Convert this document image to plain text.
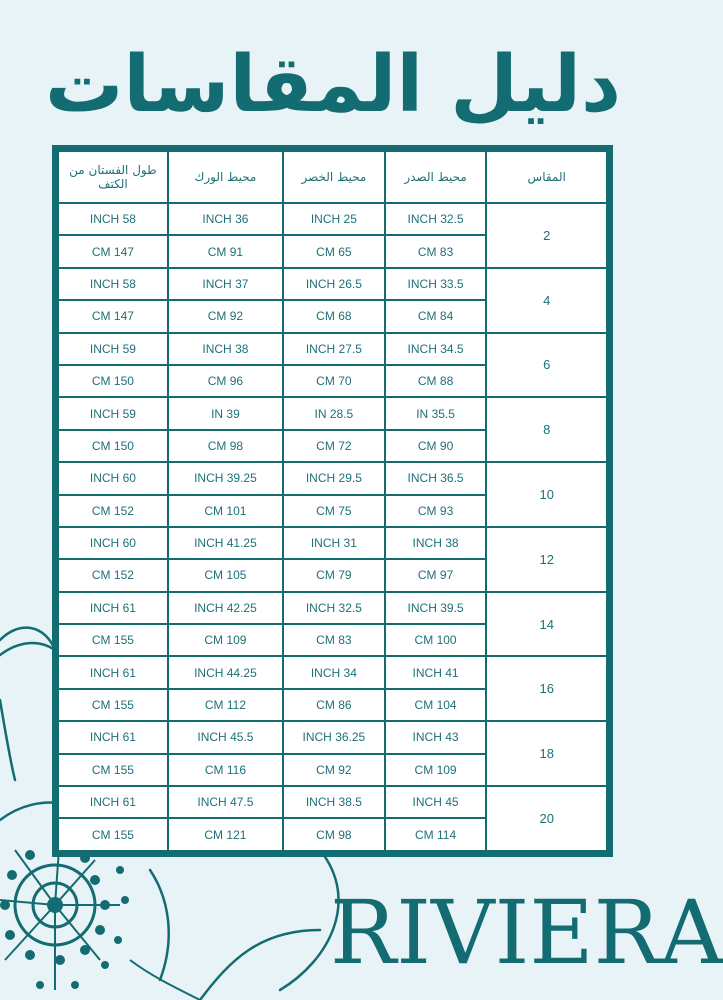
دليل المقاسات
المقاس	محيط الصدر	محيط الخصر	محيط الورك	طول الفستان من الكتف
2	32.5 INCH	25 INCH	36 INCH	58 INCH
	83 CM	65 CM	91 CM	147 CM
4	33.5 INCH	26.5 INCH	37 INCH	58 INCH
	84 CM	68 CM	92 CM	147 CM
6	34.5 INCH	27.5 INCH	38 INCH	59 INCH
	88 CM	70 CM	96 CM	150 CM
8	35.5 IN	28.5 IN	39 IN	59 INCH
	90 CM	72 CM	98 CM	150 CM
10	36.5 INCH	29.5 INCH	39.25 INCH	60 INCH
	93 CM	75 CM	101 CM	152 CM
12	38 INCH	31 INCH	41.25 INCH	60 INCH
	97 CM	79 CM	105 CM	152 CM
14	39.5 INCH	32.5 INCH	42.25 INCH	61 INCH
	100 CM	83 CM	109 CM	155 CM
16	41 INCH	34 INCH	44.25 INCH	61 INCH
	104 CM	86 CM	112 CM	155 CM
18	43 INCH	36.25 INCH	45.5 INCH	61 INCH
	109 CM	92 CM	116 CM	155 CM
20	45 INCH	38.5 INCH	47.5 INCH	61 INCH
	114 CM	98 CM	121 CM	155 CM
RIVIERA
